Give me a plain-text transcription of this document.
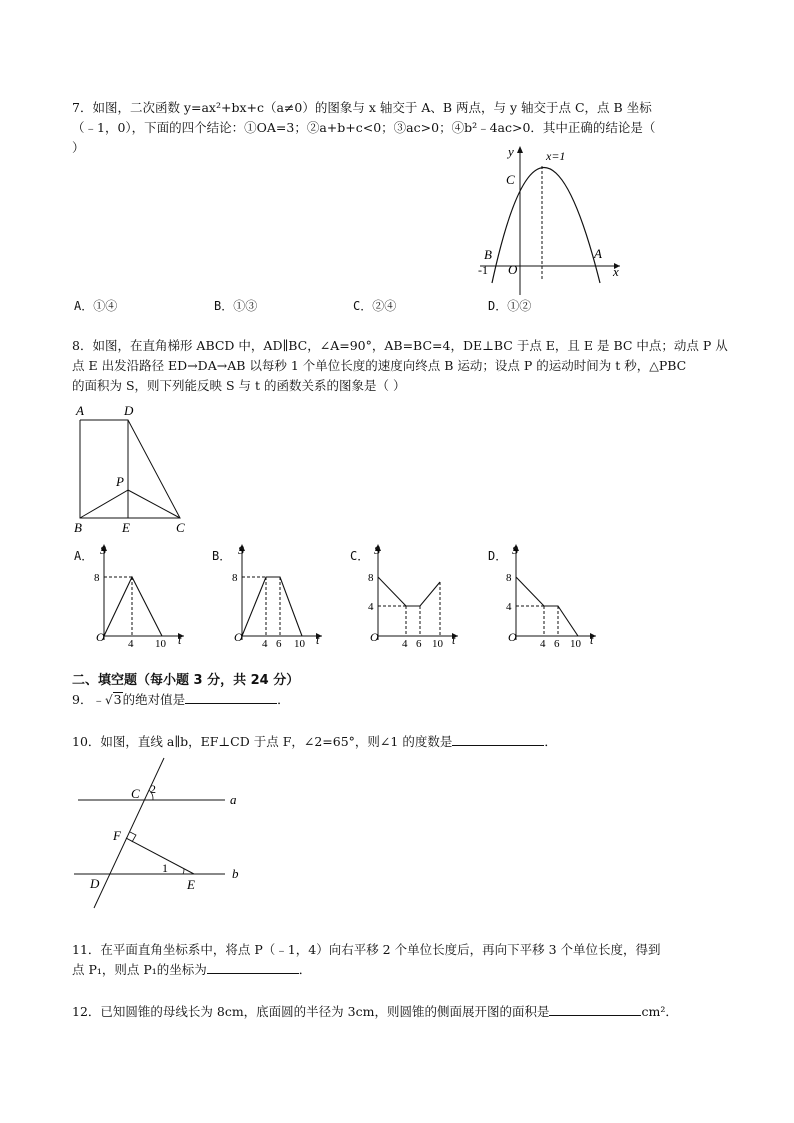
7．如图，二次函数 y=ax²+bx+c（a≠0）的图象与 x 轴交于 A、B 两点，与 y 轴交于点 C，点 B 坐标
（﹣1，0），下面的四个结论：①OA=3；②a+b+c<0；③ac>0；④b²﹣4ac>0．其中正确的结论是（
）	y
x
x=1
C
B	A
O
-1
A．①④	B．①③	C．②④	D．①②
8．如图，在直角梯形 ABCD 中，AD∥BC，∠A=90°，AB=BC=4，DE⊥BC 于点 E，且 E 是 BC 中点；动点 P 从
点 E 出发沿路径 ED→DA→AB 以每秒 1 个单位长度的速度向终点 B 运动；设点 P 的运动时间为 t 秒，△PBC
的面积为 S，则下列能反映 S 与 t 的函数关系的图象是（ ）
A	D
P
B	E	C
A． S
O	t
8
4 10
B． S
O	t
8
4 6 10
C． S
O	t
8
4
4 6 10
D． S
O	t
8
4
4 6 10
二、填空题（每小题 3 分，共 24 分）
9．﹣√3的绝对值是	．
10．如图，直线 a∥b，EF⊥CD 于点 F，∠2=65°，则∠1 的度数是	．
C 2
a
F
1
D	E
b
11．在平面直角坐标系中，将点 P（﹣1，4）向右平移 2 个单位长度后，再向下平移 3 个单位长度，得到
点 P₁，则点 P₁的坐标为	．
12．已知圆锥的母线长为 8cm，底面圆的半径为 3cm，则圆锥的侧面展开图的面积是	cm²．
